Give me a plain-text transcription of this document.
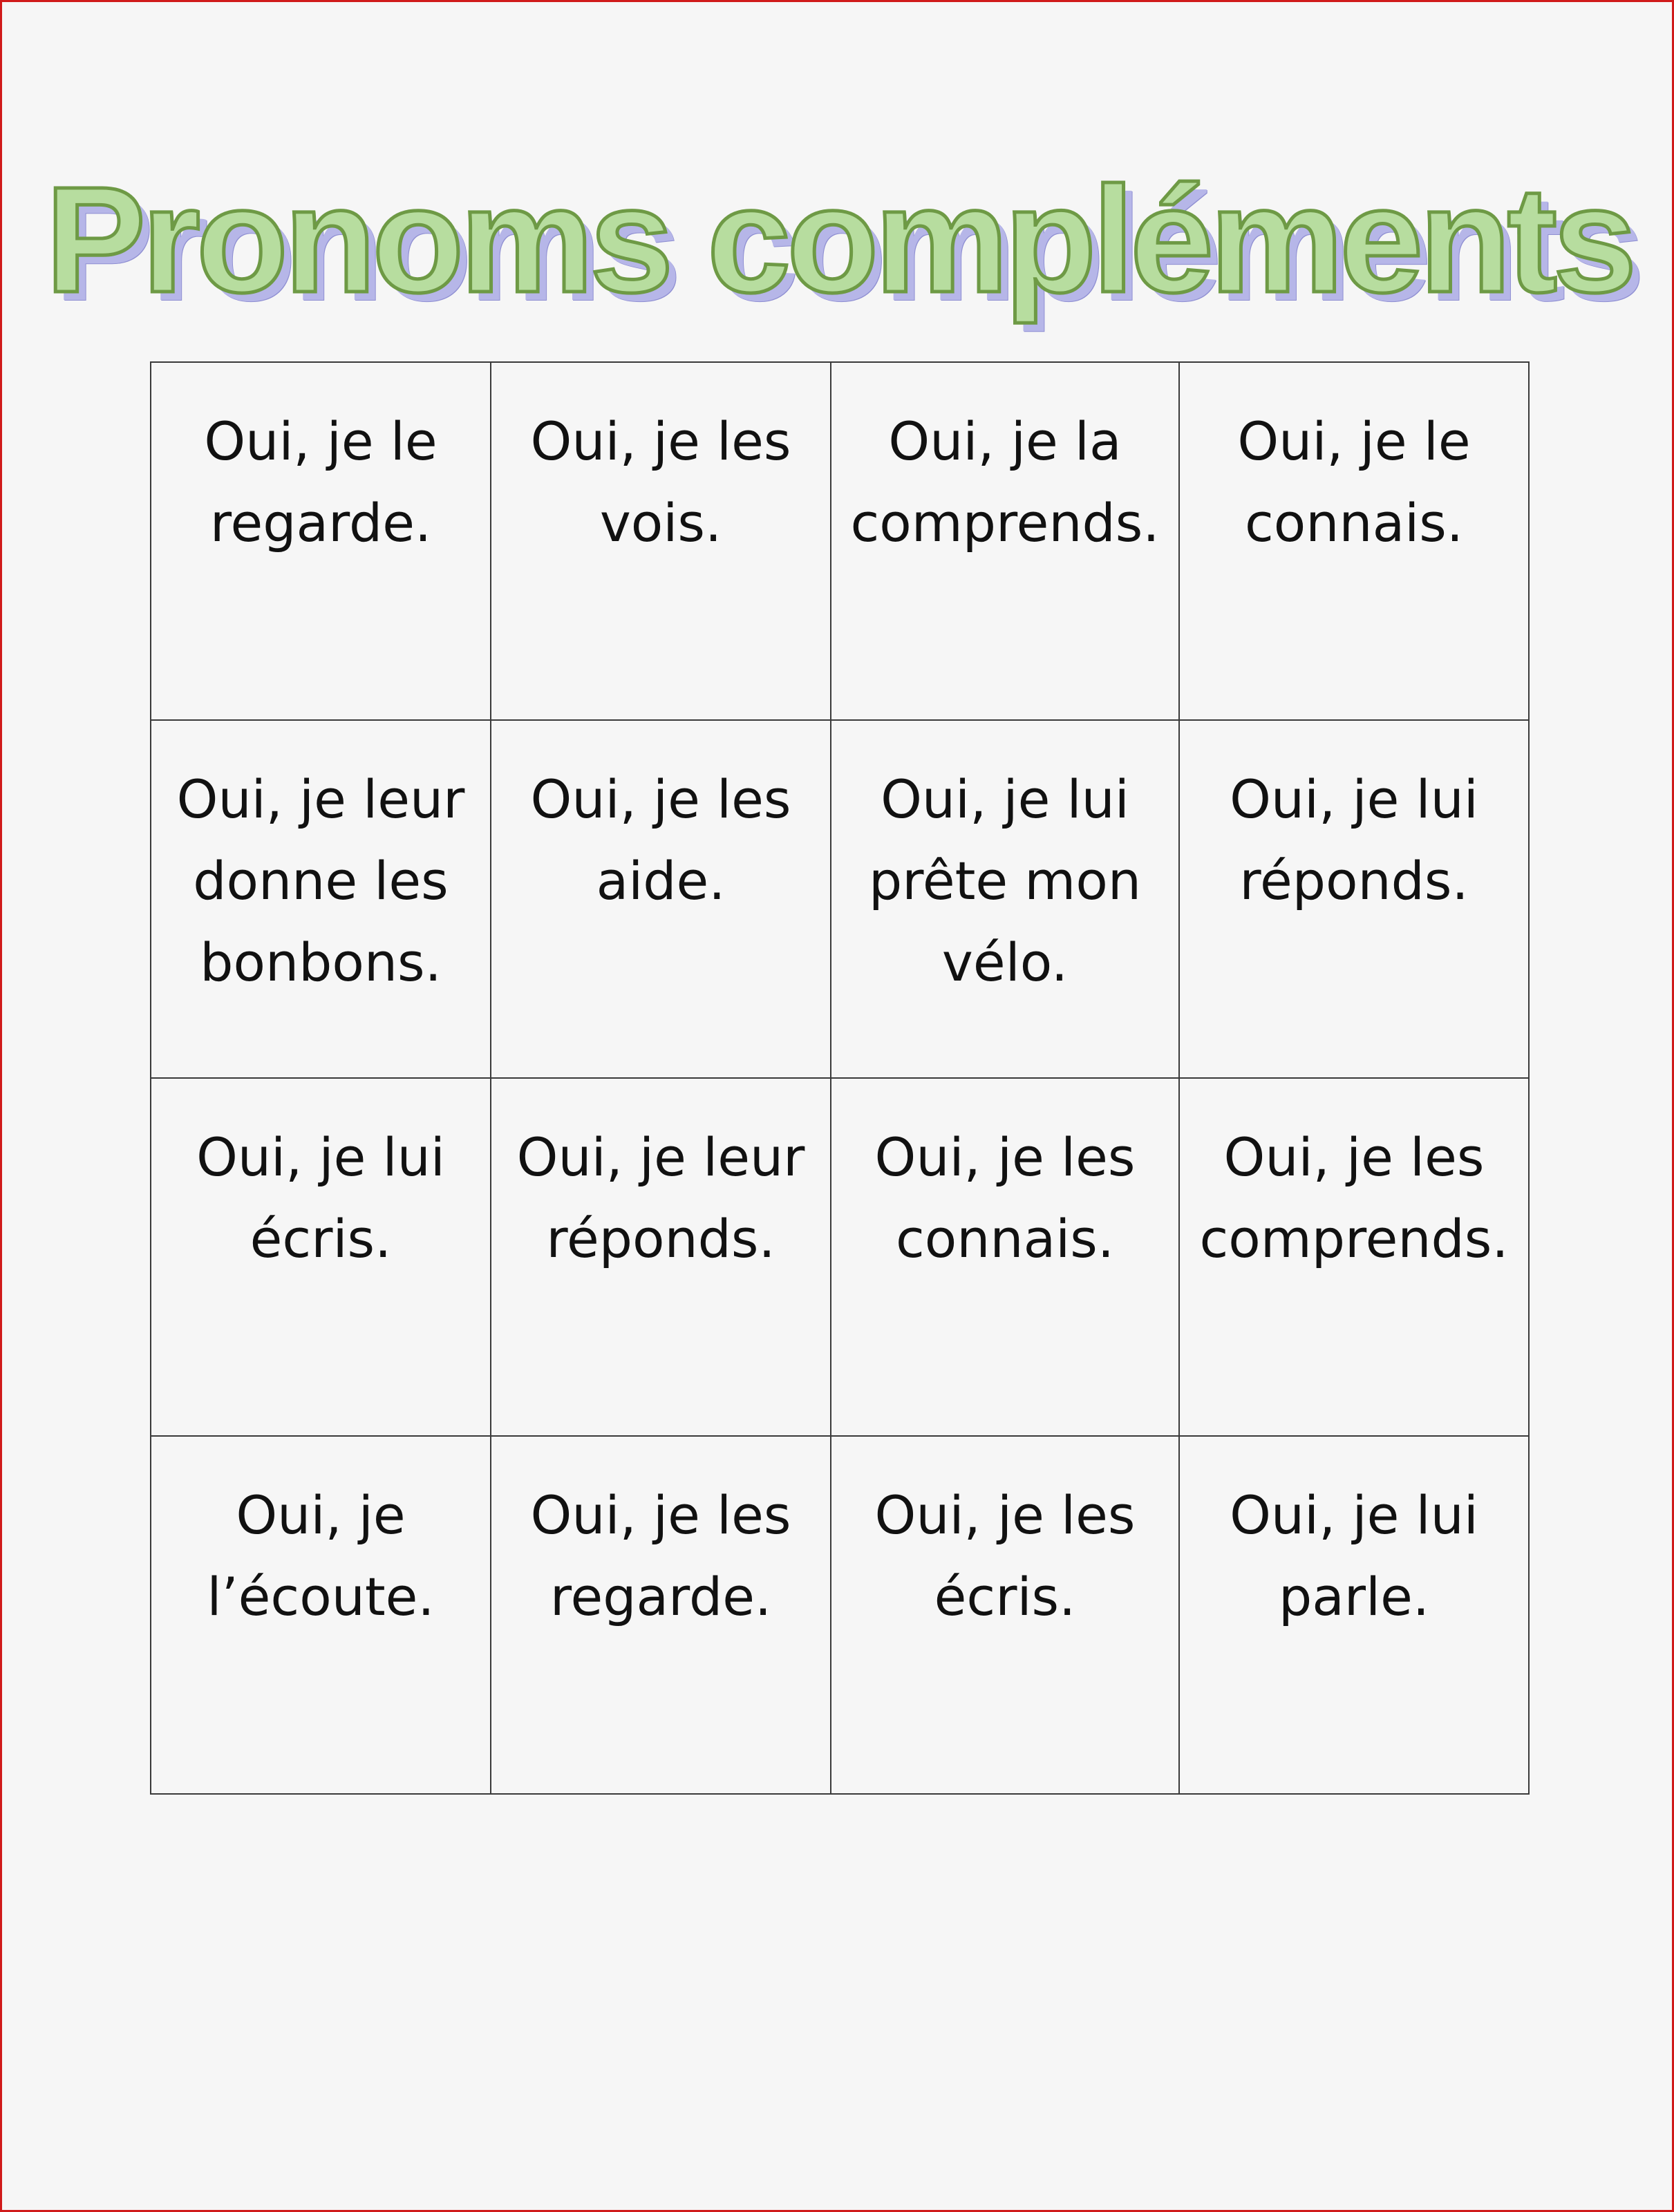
Pronoms compléments
Oui, je le
regarde.	Oui, je les
vois.	Oui, je la
comprends.	Oui, je le
connais.
Oui, je leur
donne les
bonbons.	Oui, je les
aide.	Oui, je lui
prête mon
vélo.	Oui, je lui
réponds.
Oui, je lui
écris.	Oui, je leur
réponds.	Oui, je les
connais.	Oui, je les
comprends.
Oui, je
l’écoute.	Oui, je les
regarde.	Oui, je les
écris.	Oui, je lui
parle.
